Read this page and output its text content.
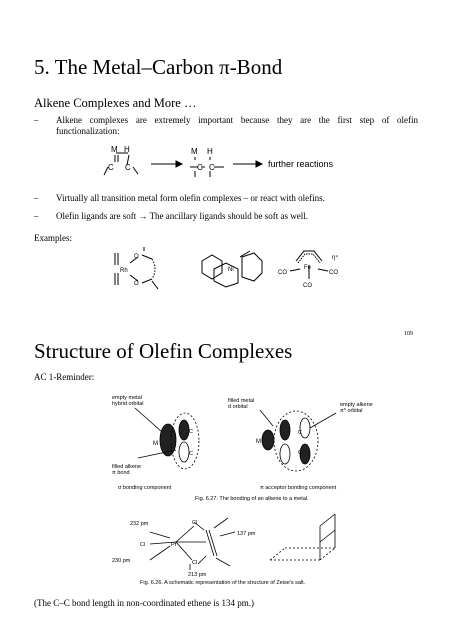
5. The Metal–Carbon π-Bond
Alkene Complexes and More …
– Alkene complexes are extremely important because they are the first step of olefin functionalization:
M H
C C
M H
C C	further reactions
– Virtually all transition metal form olefin complexes – or react with olefins.
– Olefin ligands are soft → The ancillary ligands should be soft as well.
Examples:
Rh
O
O
Ni	Fe
CO	CO
CO
η⁴
109
Structure of Olefin Complexes
AC 1-Reminder:
empty metal
hybrid orbital
filled alkene
π bond
M
C
C
filled metal
d orbital	empty alkene
π* orbital
M
C
C
σ bonding component	π acceptor bonding component
Fig. 6.27. The bonding of an alkene to a metal.
232 pm
230 pm
213 pm
137 pm
Cl
Cl
Cl
Pt
Fig. 6.26. A schematic representation of the structure of Zeise's salt.
(The C–C bond length in non-coordinated ethene is 134 pm.)
